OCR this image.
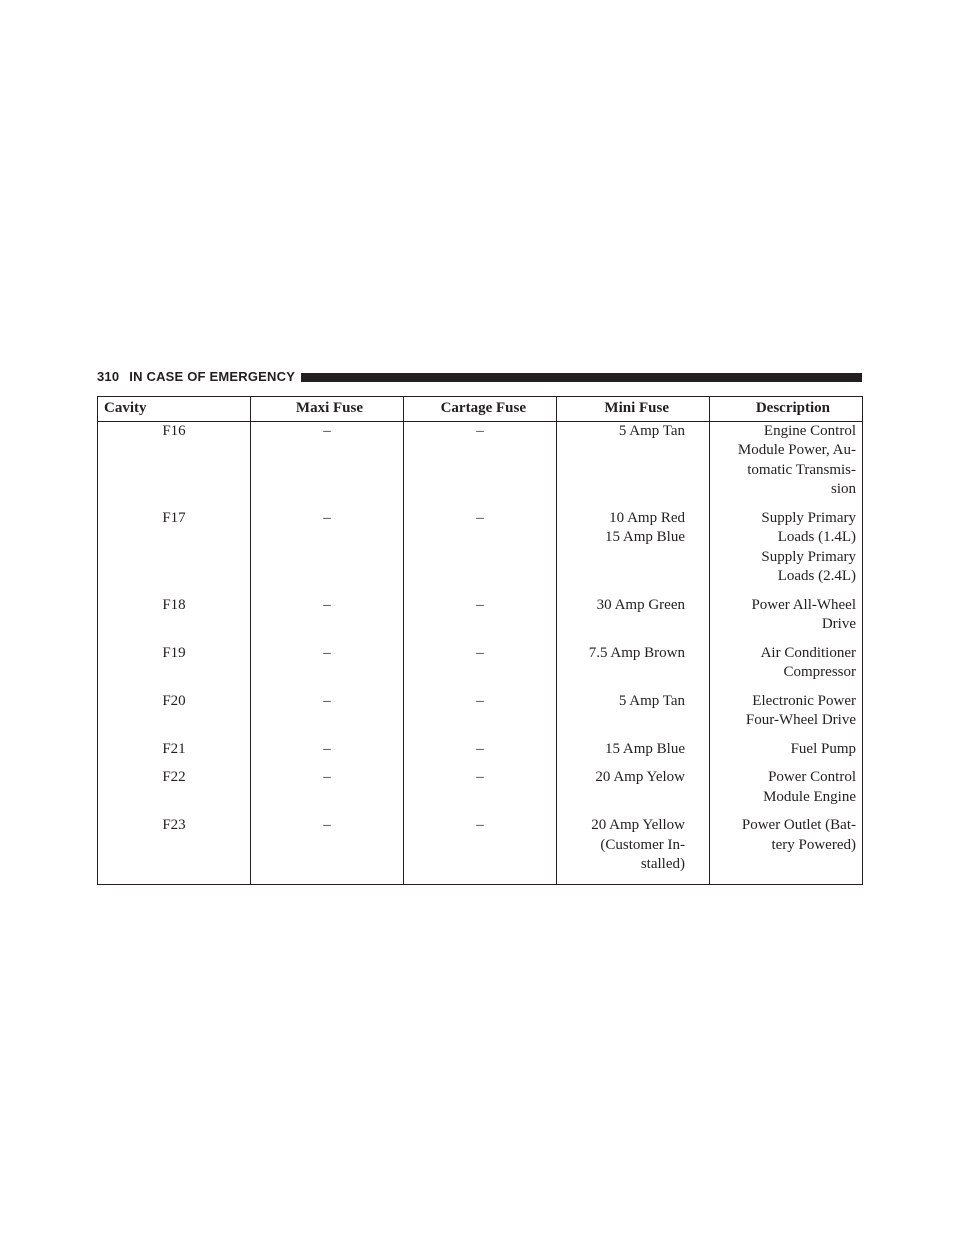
310 IN CASE OF EMERGENCY
Cavity	Maxi Fuse	Cartage Fuse	Mini Fuse	Description
F16	–	–	5 Amp Tan	Engine Control
Module Power, Au-
tomatic Transmis-
sion

F17	–	–	10 Amp Red
15 Amp Blue	Supply Primary
Loads (1.4L)
Supply Primary
Loads (2.4L)

F18	–	–	30 Amp Green	Power All-Wheel
Drive

F19	–	–	7.5 Amp Brown	Air Conditioner
Compressor

F20	–	–	5 Amp Tan	Electronic Power
Four-Wheel Drive

F21	–	–	15 Amp Blue	Fuel Pump

F22	–	–	20 Amp Yelow	Power Control
Module Engine

F23	–	–	20 Amp Yellow
(Customer In-
stalled)	Power Outlet (Bat-
tery Powered)
